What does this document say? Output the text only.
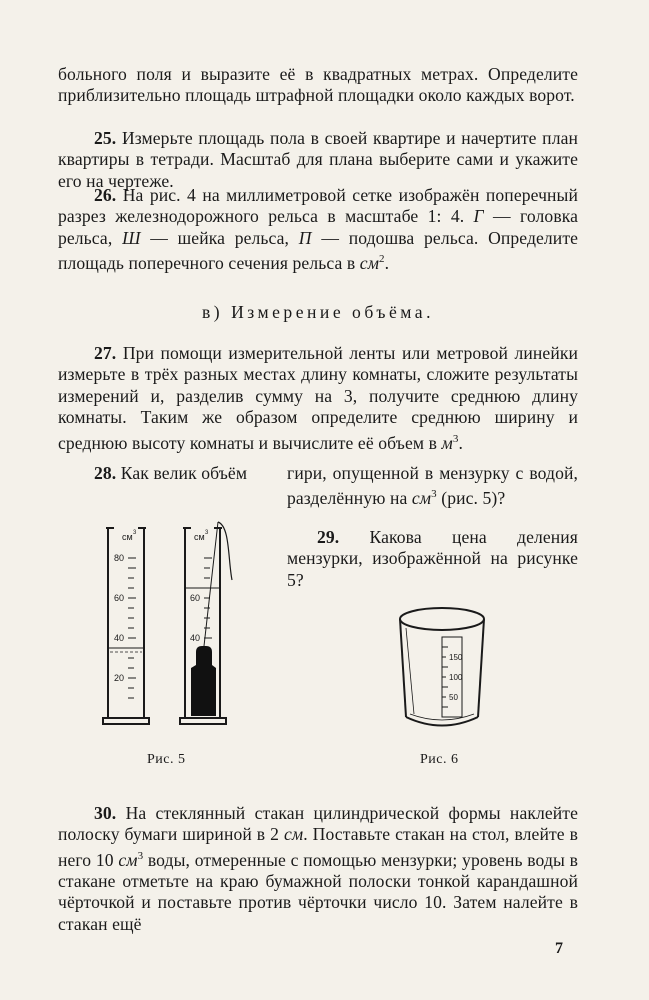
больного поля и выразите её в квадратных метрах. Определите приблизительно площадь штрафной площадки около каждых ворот.

25. Измерьте площадь пола в своей квартире и начертите план квартиры в тетради. Масштаб для плана выберите сами и укажите его на чертеже.

26. На рис. 4 на миллиметровой сетке изображён поперечный разрез железнодорожного рельса в масштабе 1: 4. Г — головка рельса, Ш — шейка рельса, П — подошва рельса. Определите площадь поперечного сечения рельса в $см^2$.

в) Измерение объёма.

27. При помощи измерительной ленты или метровой линейки измерьте в трёх разных местах длину комнаты, сложите результаты измерений и, разделив сумму на 3, получите среднюю длину комнаты. Таким же образом определите среднюю ширину и среднюю высоту комнаты и вычислите её объем в $м^3$.

28. Как велик объём	гири, опущенной в мензурку с водой, разделённую на $см^3$ (рис. 5)?

29. Какова цена деления мензурки, изображённой на рисунке 5?

см 3
80
60
40
20
см 3
60
40
Рис. 5
150
100
50
Рис. 6

30. На стеклянный стакан цилиндрической формы наклейте полоску бумаги шириной в 2 см. Поставьте стакан на стол, влейте в него 10 $см^3$ воды, отмеренные с помощью мензурки; уровень воды в стакане отметьте на краю бумажной полоски тонкой карандашной чёрточкой и поставьте против чёрточки число 10. Затем налейте в стакан ещё

7
